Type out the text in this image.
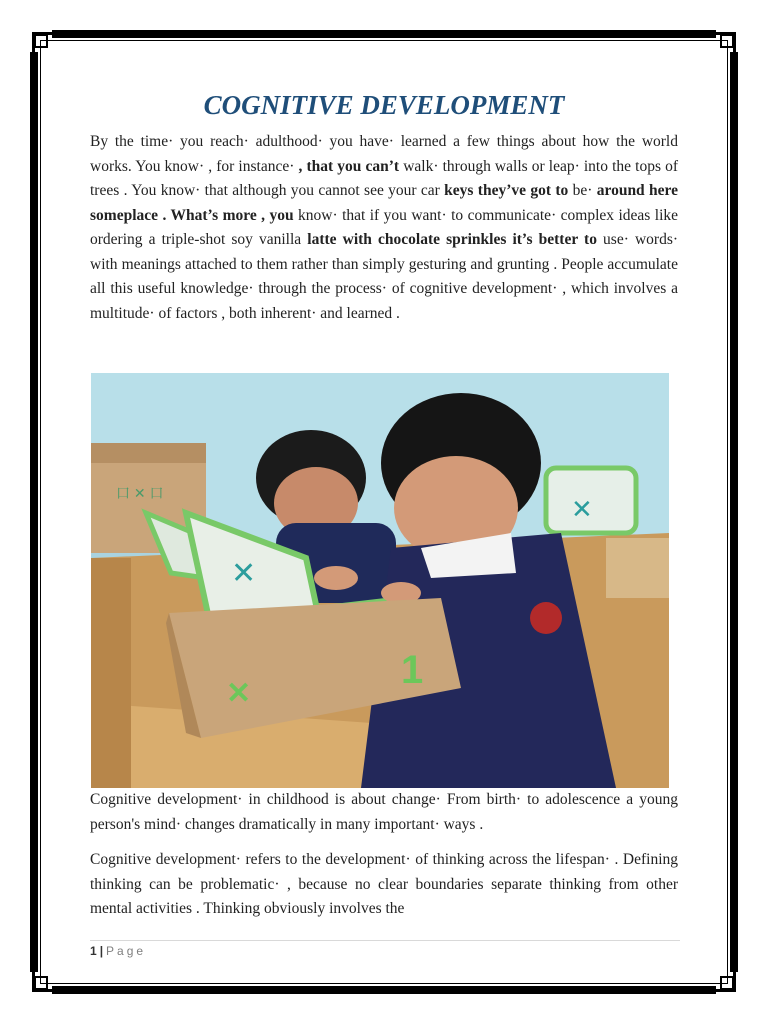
COGNITIVE DEVELOPMENT

By the time· you reach· adulthood· you have· learned a few things about how the world works. You know· , for instance· , that you can’t walk· through walls or leap· into the tops of trees . You know· that although you cannot see your car keys they’ve got to be· around here someplace . What’s more , you know· that if you want· to communicate· complex ideas like ordering a triple-shot soy vanilla latte with chocolate sprinkles it’s better to use· words· with meanings attached to them rather than simply gesturing and grunting . People accumulate all this useful knowledge· through the process· of cognitive development· , which involves a multitude· of factors , both inherent· and learned .

口 ✕ 口
✕
✕
1
✕

Cognitive development· in childhood is about change· From birth· to adolescence a young person's mind· changes dramatically in many important· ways .

Cognitive development· refers to the development· of thinking across the lifespan· . Defining thinking can be problematic· , because no clear boundaries separate thinking from other mental activities . Thinking obviously involves the

1 | Page
